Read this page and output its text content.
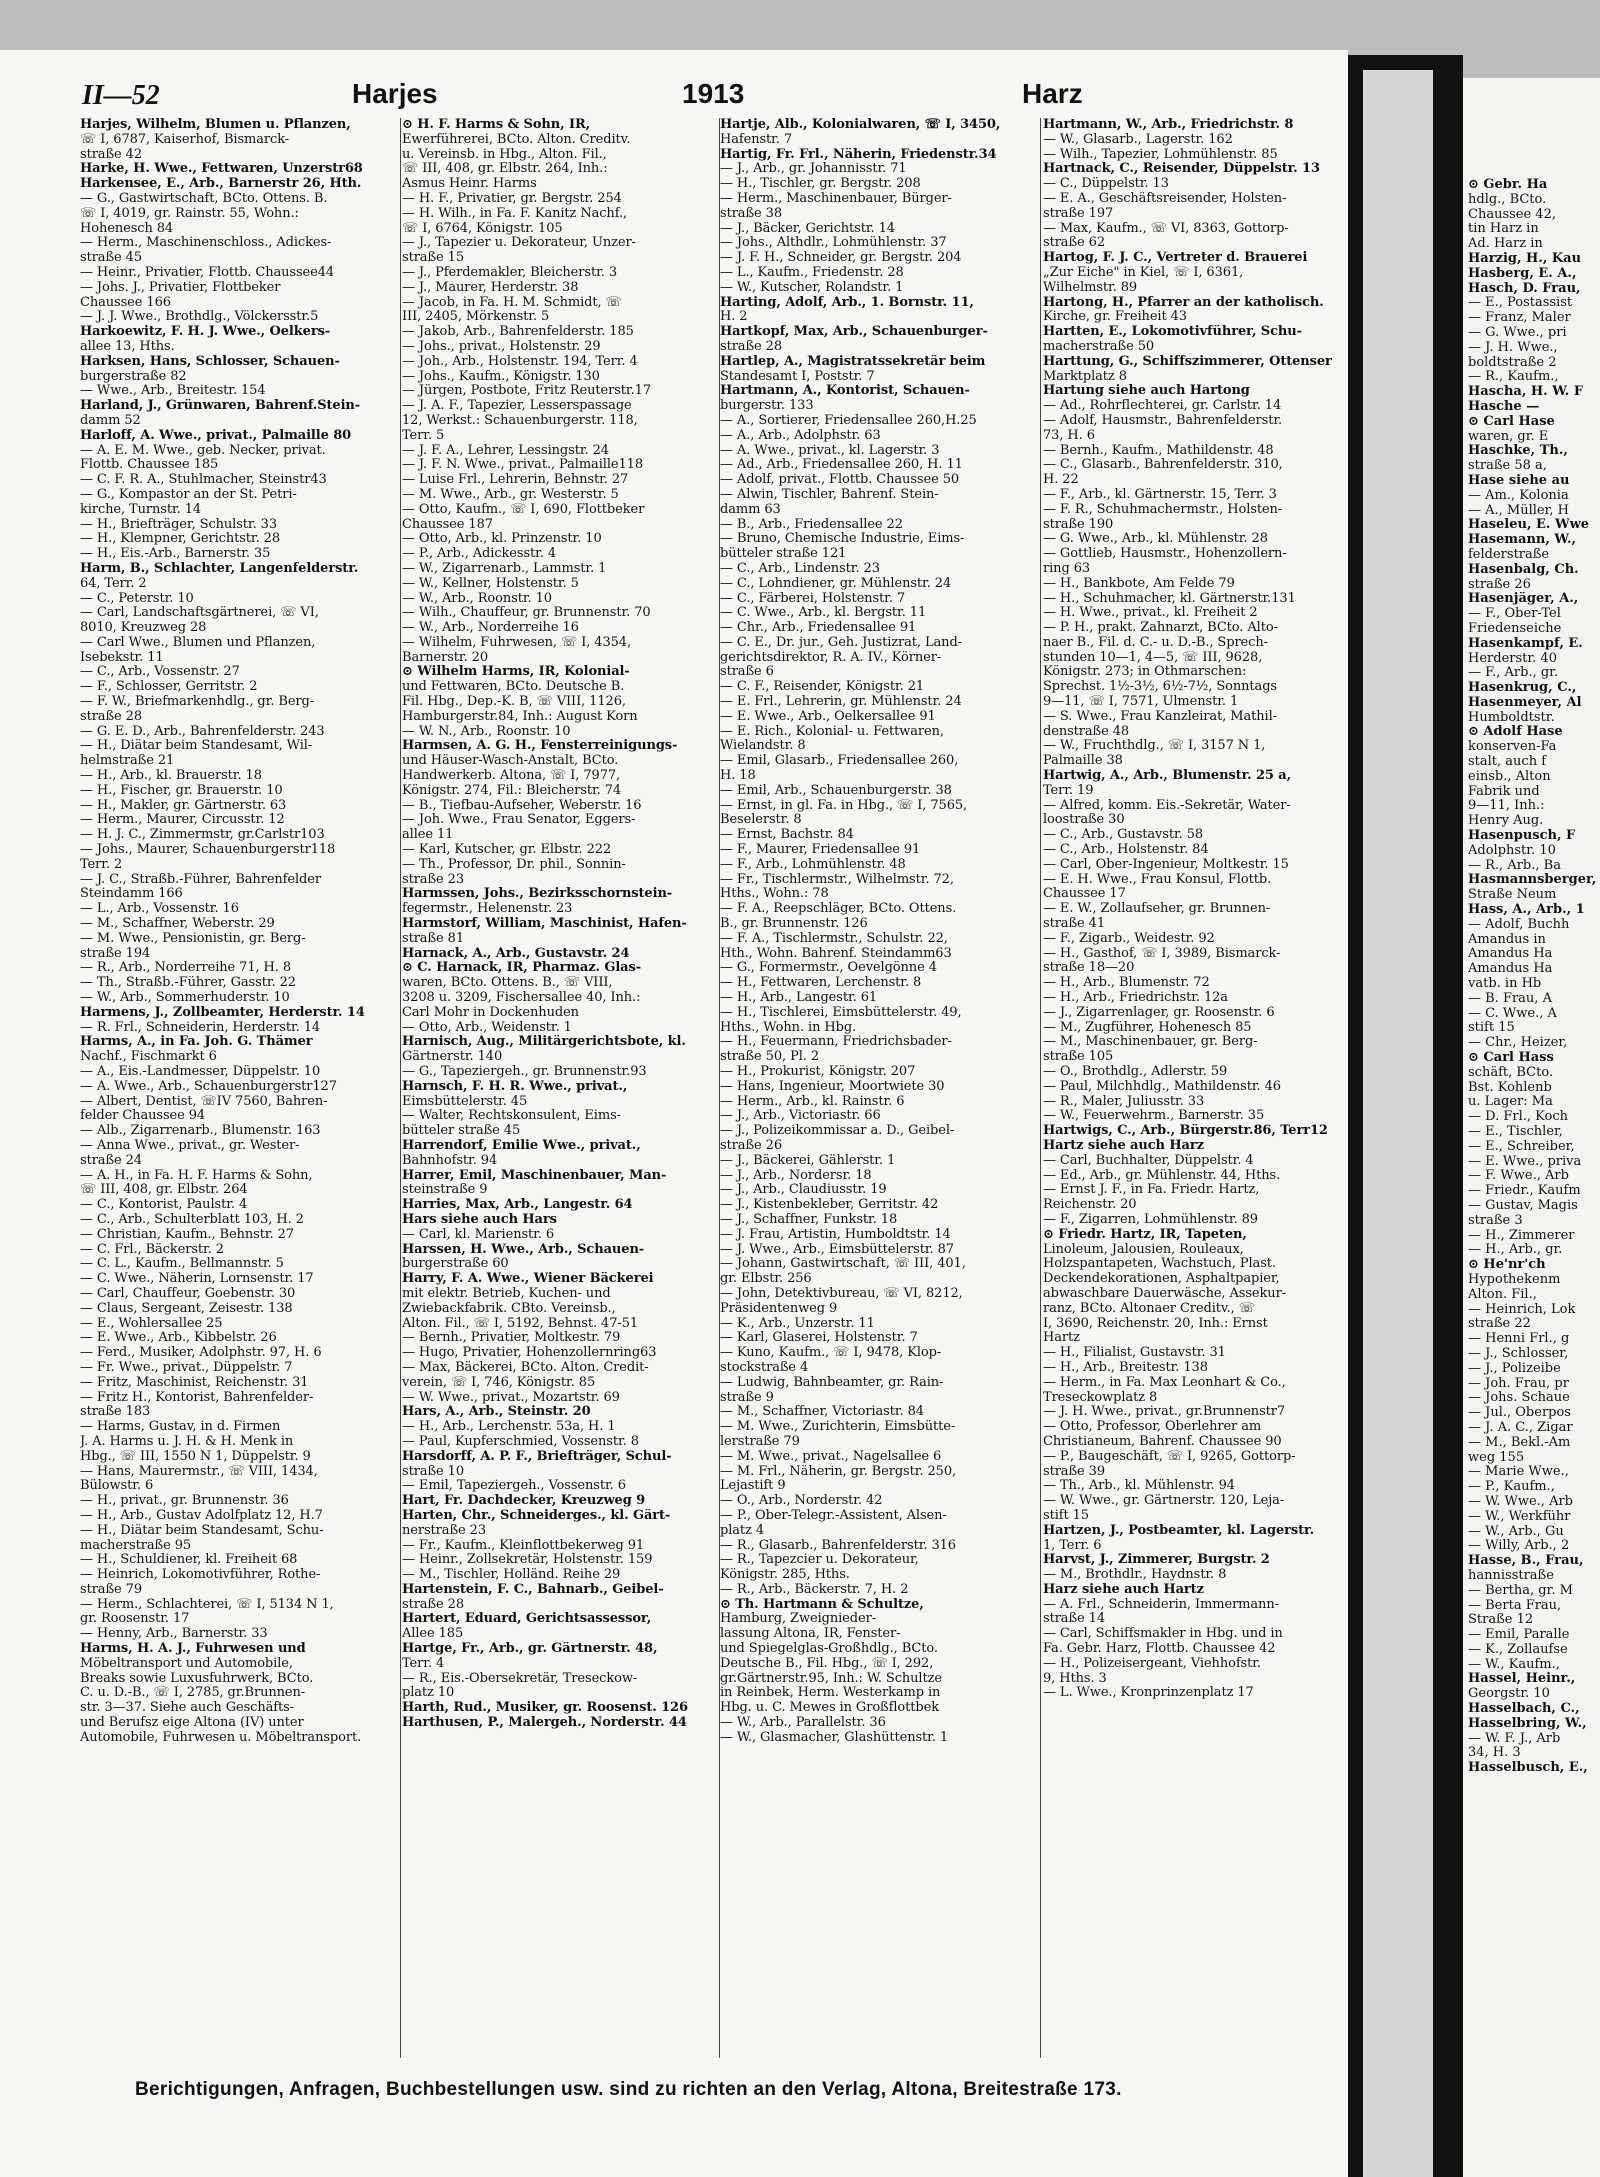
II—52	Harjes	1913	Harz

Harjes, Wilhelm, Blumen u. Pflanzen,

☏ I, 6787, Kaiserhof, Bismarck-

straße 42

Harke, H. Wwe., Fettwaren, Unzerstr68

Harkensee, E., Arb., Barnerstr 26, Hth.

— G., Gastwirtschaft, BCto. Ottens. B.

☏ I, 4019, gr. Rainstr. 55, Wohn.:

Hohenesch 84

— Herm., Maschinenschloss., Adickes-

straße 45

— Heinr., Privatier, Flottb. Chaussee44

— Johs. J., Privatier, Flottbeker

Chaussee 166

— J. J. Wwe., Brothdlg., Völckersstr.5

Harkoewitz, F. H. J. Wwe., Oelkers-

allee 13, Hths.

Harksen, Hans, Schlosser, Schauen-

burgerstraße 82

— Wwe., Arb., Breitestr. 154

Harland, J., Grünwaren, Bahrenf.Stein-

damm 52

Harloff, A. Wwe., privat., Palmaille 80

— A. E. M. Wwe., geb. Necker, privat.

Flottb. Chaussee 185

— C. F. R. A., Stuhlmacher, Steinstr43

— G., Kompastor an der St. Petri-

kirche, Turnstr. 14

— H., Briefträger, Schulstr. 33

— H., Klempner, Gerichtstr. 28

— H., Eis.-Arb., Barnerstr. 35

Harm, B., Schlachter, Langenfelderstr.

64, Terr. 2

— C., Peterstr. 10

— Carl, Landschaftsgärtnerei, ☏ VI,

8010, Kreuzweg 28

— Carl Wwe., Blumen und Pflanzen,

Isebekstr. 11

— C., Arb., Vossenstr. 27

— F., Schlosser, Gerritstr. 2

— F. W., Briefmarkenhdlg., gr. Berg-

straße 28

— G. E. D., Arb., Bahrenfelderstr. 243

— H., Diätar beim Standesamt, Wil-

helmstraße 21

— H., Arb., kl. Brauerstr. 18

— H., Fischer, gr. Brauerstr. 10

— H., Makler, gr. Gärtnerstr. 63

— Herm., Maurer, Circusstr. 12

— H. J. C., Zimmermstr, gr.Carlstr103

— Johs., Maurer, Schauenburgerstr118

Terr. 2

— J. C., Straßb.-Führer, Bahrenfelder

Steindamm 166

— L., Arb., Vossenstr. 16

— M., Schaffner, Weberstr. 29

— M. Wwe., Pensionistin, gr. Berg-

straße 194

— R., Arb., Norderreihe 71, H. 8

— Th., Straßb.-Führer, Gasstr. 22

— W., Arb., Sommerhuderstr. 10

Harmens, J., Zollbeamter, Herderstr. 14

— R. Frl., Schneiderin, Herderstr. 14

Harms, A., in Fa. Joh. G. Thämer

Nachf., Fischmarkt 6

— A., Eis.-Landmesser, Düppelstr. 10

— A. Wwe., Arb., Schauenburgerstr127

— Albert, Dentist, ☏IV 7560, Bahren-

felder Chaussee 94

— Alb., Zigarrenarb., Blumenstr. 163

— Anna Wwe., privat., gr. Wester-

straße 24

— A. H., in Fa. H. F. Harms & Sohn,

☏ III, 408, gr. Elbstr. 264

— C., Kontorist, Paulstr. 4

— C., Arb., Schulterblatt 103, H. 2

— Christian, Kaufm., Behnstr. 27

— C. Frl., Bäckerstr. 2

— C. L., Kaufm., Bellmannstr. 5

— C. Wwe., Näherin, Lornsenstr. 17

— Carl, Chauffeur, Goebenstr. 30

— Claus, Sergeant, Zeisestr. 138

— E., Wohlersallee 25

— E. Wwe., Arb., Kibbelstr. 26

— Ferd., Musiker, Adolphstr. 97, H. 6

— Fr. Wwe., privat., Düppelstr. 7

— Fritz, Maschinist, Reichenstr. 31

— Fritz H., Kontorist, Bahrenfelder-

straße 183

— Harms, Gustav, in d. Firmen

J. A. Harms u. J. H. & H. Menk in

Hbg., ☏ III, 1550 N 1, Düppelstr. 9

— Hans, Maurermstr., ☏ VIII, 1434,

Bülowstr. 6

— H., privat., gr. Brunnenstr. 36

— H., Arb., Gustav Adolfplatz 12, H.7

— H., Diätar beim Standesamt, Schu-

macherstraße 95

— H., Schuldiener, kl. Freiheit 68

— Heinrich, Lokomotivführer, Rothe-

straße 79

— Herm., Schlachterei, ☏ I, 5134 N 1,

gr. Roosenstr. 17

— Henny, Arb., Barnerstr. 33

Harms, H. A. J., Fuhrwesen und

Möbeltransport und Automobile,

Breaks sowie Luxusfuhrwerk, BCto.

C. u. D.-B., ☏ I, 2785, gr.Brunnen-

str. 3—37. Siehe auch Geschäfts-

und Berufsz eige Altona (IV) unter

Automobile, Fuhrwesen u. Möbeltransport.

⊙ H. F. Harms & Sohn, IR,

Ewerführerei, BCto. Alton. Creditv.

u. Vereinsb. in Hbg., Alton. Fil.,

☏ III, 408, gr. Elbstr. 264, Inh.:

Asmus Heinr. Harms

— H. F., Privatier, gr. Bergstr. 254

— H. Wilh., in Fa. F. Kanitz Nachf.,

☏ I, 6764, Königstr. 105

— J., Tapezier u. Dekorateur, Unzer-

straße 15

— J., Pferdemakler, Bleicherstr. 3

— J., Maurer, Herderstr. 38

— Jacob, in Fa. H. M. Schmidt, ☏

III, 2405, Mörkenstr. 5

— Jakob, Arb., Bahrenfelderstr. 185

— Johs., privat., Holstenstr. 29

— Joh., Arb., Holstenstr. 194, Terr. 4

— Johs., Kaufm., Königstr. 130

— Jürgen, Postbote, Fritz Reuterstr.17

— J. A. F., Tapezier, Lesserspassage

12, Werkst.: Schauenburgerstr. 118,

Terr. 5

— J. F. A., Lehrer, Lessingstr. 24

— J. F. N. Wwe., privat., Palmaille118

— Luise Frl., Lehrerin, Behnstr. 27

— M. Wwe., Arb., gr. Westerstr. 5

— Otto, Kaufm., ☏ I, 690, Flottbeker

Chaussee 187

— Otto, Arb., kl. Prinzenstr. 10

— P., Arb., Adickesstr. 4

— W., Zigarrenarb., Lammstr. 1

— W., Kellner, Holstenstr. 5

— W., Arb., Roonstr. 10

— Wilh., Chauffeur, gr. Brunnenstr. 70

— W., Arb., Norderreihe 16

— Wilhelm, Fuhrwesen, ☏ I, 4354,

Barnerstr. 20

⊙ Wilhelm Harms, IR, Kolonial-

und Fettwaren, BCto. Deutsche B.

Fil. Hbg., Dep.-K. B, ☏ VIII, 1126,

Hamburgerstr.84, Inh.: August Korn

— W. N., Arb., Roonstr. 10

Harmsen, A. G. H., Fensterreinigungs-

und Häuser-Wasch-Anstalt, BCto.

Handwerkerb. Altona, ☏ I, 7977,

Königstr. 274, Fil.: Bleicherstr. 74

— B., Tiefbau-Aufseher, Weberstr. 16

— Joh. Wwe., Frau Senator, Eggers-

allee 11

— Karl, Kutscher, gr. Elbstr. 222

— Th., Professor, Dr. phil., Sonnin-

straße 23

Harmssen, Johs., Bezirksschornstein-

fegermstr., Helenenstr. 23

Harmstorf, William, Maschinist, Hafen-

straße 81

Harnack, A., Arb., Gustavstr. 24

⊙ C. Harnack, IR, Pharmaz. Glas-

waren, BCto. Ottens. B., ☏ VIII,

3208 u. 3209, Fischersallee 40, Inh.:

Carl Mohr in Dockenhuden

— Otto, Arb., Weidenstr. 1

Harnisch, Aug., Militärgerichtsbote, kl.

Gärtnerstr. 140

— G., Tapeziergeh., gr. Brunnenstr.93

Harnsch, F. H. R. Wwe., privat.,

Eimsbüttelerstr. 45

— Walter, Rechtskonsulent, Eims-

bütteler straße 45

Harrendorf, Emilie Wwe., privat.,

Bahnhofstr. 94

Harrer, Emil, Maschinenbauer, Man-

steinstraße 9

Harries, Max, Arb., Langestr. 64

Hars siehe auch Hars

— Carl, kl. Marienstr. 6

Harssen, H. Wwe., Arb., Schauen-

burgerstraße 60

Harry, F. A. Wwe., Wiener Bäckerei

mit elektr. Betrieb, Kuchen- und

Zwiebackfabrik. CBto. Vereinsb.,

Alton. Fil., ☏ I, 5192, Behnst. 47-51

— Bernh., Privatier, Moltkestr. 79

— Hugo, Privatier, Hohenzollernring63

— Max, Bäckerei, BCto. Alton. Credit-

verein, ☏ I, 746, Königstr. 85

— W. Wwe., privat., Mozartstr. 69

Hars, A., Arb., Steinstr. 20

— H., Arb., Lerchenstr. 53a, H. 1

— Paul, Kupferschmied, Vossenstr. 8

Harsdorff, A. P. F., Briefträger, Schul-

straße 10

— Emil, Tapeziergeh., Vossenstr. 6

Hart, Fr. Dachdecker, Kreuzweg 9

Harten, Chr., Schneiderges., kl. Gärt-

nerstraße 23

— Fr., Kaufm., Kleinflottbekerweg 91

— Heinr., Zollsekretär, Holstenstr. 159

— M., Tischler, Holländ. Reihe 29

Hartenstein, F. C., Bahnarb., Geibel-

straße 28

Hartert, Eduard, Gerichtsassessor,

Allee 185

Hartge, Fr., Arb., gr. Gärtnerstr. 48,

Terr. 4

— R., Eis.-Obersekretär, Treseckow-

platz 10

Harth, Rud., Musiker, gr. Roosenst. 126

Harthusen, P., Malergeh., Norderstr. 44

Hartje, Alb., Kolonialwaren, ☏ I, 3450,

Hafenstr. 7

Hartig, Fr. Frl., Näherin, Friedenstr.34

— J., Arb., gr. Johannisstr. 71

— H., Tischler, gr. Bergstr. 208

— Herm., Maschinenbauer, Bürger-

straße 38

— J., Bäcker, Gerichtstr. 14

— Johs., Althdlr., Lohmühlenstr. 37

— J. F. H., Schneider, gr. Bergstr. 204

— L., Kaufm., Friedenstr. 28

— W., Kutscher, Rolandstr. 1

Harting, Adolf, Arb., 1. Bornstr. 11,

H. 2

Hartkopf, Max, Arb., Schauenburger-

straße 28

Hartlep, A., Magistratssekretär beim

Standesamt I, Poststr. 7

Hartmann, A., Kontorist, Schauen-

burgerstr. 133

— A., Sortierer, Friedensallee 260,H.25

— A., Arb., Adolphstr. 63

— A. Wwe., privat., kl. Lagerstr. 3

— Ad., Arb., Friedensallee 260, H. 11

— Adolf, privat., Flottb. Chaussee 50

— Alwin, Tischler, Bahrenf. Stein-

damm 63

— B., Arb., Friedensallee 22

— Bruno, Chemische Industrie, Eims-

bütteler straße 121

— C., Arb., Lindenstr. 23

— C., Lohndiener, gr. Mühlenstr. 24

— C., Färberei, Holstenstr. 7

— C. Wwe., Arb., kl. Bergstr. 11

— Chr., Arb., Friedensallee 91

— C. E., Dr. jur., Geh. Justizrat, Land-

gerichtsdirektor, R. A. IV., Körner-

straße 6

— C. F., Reisender, Königstr. 21

— E. Frl., Lehrerin, gr. Mühlenstr. 24

— E. Wwe., Arb., Oelkersallee 91

— E. Rich., Kolonial- u. Fettwaren,

Wielandstr. 8

— Emil, Glasarb., Friedensallee 260,

H. 18

— Emil, Arb., Schauenburgerstr. 38

— Ernst, in gl. Fa. in Hbg., ☏ I, 7565,

Beselerstr. 8

— Ernst, Bachstr. 84

— F., Maurer, Friedensallee 91

— F., Arb., Lohmühlenstr. 48

— Fr., Tischlermstr., Wilhelmstr. 72,

Hths., Wohn.: 78

— F. A., Reepschläger, BCto. Ottens.

B., gr. Brunnenstr. 126

— F. A., Tischlermstr., Schulstr. 22,

Hth., Wohn. Bahrenf. Steindamm63

— G., Formermstr., Oevelgönne 4

— H., Fettwaren, Lerchenstr. 8

— H., Arb., Langestr. 61

— H., Tischlerei, Eimsbüttelerstr. 49,

Hths., Wohn. in Hbg.

— H., Feuermann, Friedrichsbader-

straße 50, Pl. 2

— H., Prokurist, Königstr. 207

— Hans, Ingenieur, Moortwiete 30

— Herm., Arb., kl. Rainstr. 6

— J., Arb., Victoriastr. 66

— J., Polizeikommissar a. D., Geibel-

straße 26

— J., Bäckerei, Gählerstr. 1

— J., Arb., Nordersr. 18

— J., Arb., Claudiusstr. 19

— J., Kistenbekleber, Gerritstr. 42

— J., Schaffner, Funkstr. 18

— J. Frau, Artistin, Humboldtstr. 14

— J. Wwe., Arb., Eimsbüttelerstr. 87

— Johann, Gastwirtschaft, ☏ III, 401,

gr. Elbstr. 256

— John, Detektivbureau, ☏ VI, 8212,

Präsidentenweg 9

— K., Arb., Unzerstr. 11

— Karl, Glaserei, Holstenstr. 7

— Kuno, Kaufm., ☏ I, 9478, Klop-

stockstraße 4

— Ludwig, Bahnbeamter, gr. Rain-

straße 9

— M., Schaffner, Victoriastr. 84

— M. Wwe., Zurichterin, Eimsbütte-

lerstraße 79

— M. Wwe., privat., Nagelsallee 6

— M. Frl., Näherin, gr. Bergstr. 250,

Lejastift 9

— O., Arb., Norderstr. 42

— P., Ober-Telegr.-Assistent, Alsen-

platz 4

— R., Glasarb., Bahrenfelderstr. 316

— R., Tapezcier u. Dekorateur,

Königstr. 285, Hths.

— R., Arb., Bäckerstr. 7, H. 2

⊙ Th. Hartmann & Schultze,

Hamburg, Zweignieder-

lassung Altona, IR, Fenster-

und Spiegelglas-Großhdlg., BCto.

Deutsche B., Fil. Hbg., ☏ I, 292,

gr.Gärtnerstr.95, Inh.: W. Schultze

in Reinbek, Herm. Westerkamp in

Hbg. u. C. Mewes in Großflottbek

— W., Arb., Parallelstr. 36

— W., Glasmacher, Glashüttenstr. 1

Hartmann, W., Arb., Friedrichstr. 8

— W., Glasarb., Lagerstr. 162

— Wilh., Tapezier, Lohmühlenstr. 85

Hartnack, C., Reisender, Düppelstr. 13

— C., Düppelstr. 13

— E. A., Geschäftsreisender, Holsten-

straße 197

— Max, Kaufm., ☏ VI, 8363, Gottorp-

straße 62

Hartog, F. J. C., Vertreter d. Brauerei

„Zur Eiche" in Kiel, ☏ I, 6361,

Wilhelmstr. 89

Hartong, H., Pfarrer an der katholisch.

Kirche, gr. Freiheit 43

Hartten, E., Lokomotivführer, Schu-

macherstraße 50

Harttung, G., Schiffszimmerer, Ottenser

Marktplatz 8

Hartung siehe auch Hartong

— Ad., Rohrflechterei, gr. Carlstr. 14

— Adolf, Hausmstr., Bahrenfelderstr.

73, H. 6

— Bernh., Kaufm., Mathildenstr. 48

— C., Glasarb., Bahrenfelderstr. 310,

H. 22

— F., Arb., kl. Gärtnerstr. 15, Terr. 3

— F. R., Schuhmachermstr., Holsten-

straße 190

— G. Wwe., Arb., kl. Mühlenstr. 28

— Gottlieb, Hausmstr., Hohenzollern-

ring 63

— H., Bankbote, Am Felde 79

— H., Schuhmacher, kl. Gärtnerstr.131

— H. Wwe., privat., kl. Freiheit 2

— P. H., prakt. Zahnarzt, BCto. Alto-

naer B., Fil. d. C.- u. D.-B., Sprech-

stunden 10—1, 4—5, ☏ III, 9628,

Königstr. 273; in Othmarschen:

Sprechst. 1½-3½, 6½-7½, Sonntags

9—11, ☏ I, 7571, Ulmenstr. 1

— S. Wwe., Frau Kanzleirat, Mathil-

denstraße 48

— W., Fruchthdlg., ☏ I, 3157 N 1,

Palmaille 38

Hartwig, A., Arb., Blumenstr. 25 a,

Terr. 19

— Alfred, komm. Eis.-Sekretär, Water-

loostraße 30

— C., Arb., Gustavstr. 58

— C., Arb., Holstenstr. 84

— Carl, Ober-Ingenieur, Moltkestr. 15

— E. H. Wwe., Frau Konsul, Flottb.

Chaussee 17

— E. W., Zollaufseher, gr. Brunnen-

straße 41

— F., Zigarb., Weidestr. 92

— H., Gasthof, ☏ I, 3989, Bismarck-

straße 18—20

— H., Arb., Blumenstr. 72

— H., Arb., Friedrichstr. 12a

— J., Zigarrenlager, gr. Roosenstr. 6

— M., Zugführer, Hohenesch 85

— M., Maschinenbauer, gr. Berg-

straße 105

— O., Brothdlg., Adlerstr. 59

— Paul, Milchhdlg., Mathildenstr. 46

— R., Maler, Juliusstr. 33

— W., Feuerwehrm., Barnerstr. 35

Hartwigs, C., Arb., Bürgerstr.86, Terr12

Hartz siehe auch Harz

— Carl, Buchhalter, Düppelstr. 4

— Ed., Arb., gr. Mühlenstr. 44, Hths.

— Ernst J. F., in Fa. Friedr. Hartz,

Reichenstr. 20

— F., Zigarren, Lohmühlenstr. 89

⊙ Friedr. Hartz, IR, Tapeten,

Linoleum, Jalousien, Rouleaux,

Holzspantapeten, Wachstuch, Plast.

Deckendekorationen, Asphaltpapier,

abwaschbare Dauerwäsche, Assekur-

ranz, BCto. Altonaer Creditv., ☏

I, 3690, Reichenstr. 20, Inh.: Ernst

Hartz

— H., Filialist, Gustavstr. 31

— H., Arb., Breitestr. 138

— Herm., in Fa. Max Leonhart & Co.,

Treseckowplatz 8

— J. H. Wwe., privat., gr.Brunnenstr7

— Otto, Professor, Oberlehrer am

Christianeum, Bahrenf. Chaussee 90

— P., Baugeschäft, ☏ I, 9265, Gottorp-

straße 39

— Th., Arb., kl. Mühlenstr. 94

— W. Wwe., gr. Gärtnerstr. 120, Leja-

stift 15

Hartzen, J., Postbeamter, kl. Lagerstr.

1, Terr. 6

Harvst, J., Zimmerer, Burgstr. 2

— M., Brothdlr., Haydnstr. 8

Harz siehe auch Hartz

— A. Frl., Schneiderin, Immermann-

straße 14

— Carl, Schiffsmakler in Hbg. und in

Fa. Gebr. Harz, Flottb. Chaussee 42

— H., Polizeisergeant, Viehhofstr.

9, Hths. 3

— L. Wwe., Kronprinzenplatz 17

Berichtigungen, Anfragen, Buchbestellungen usw. sind zu richten an den Verlag, Altona, Breitestraße 173.

⊙ Gebr. Ha

hdlg., BCto.

Chaussee 42,

tin Harz in

Ad. Harz in

Harzig, H., Kau

Hasberg, E. A.,

Hasch, D. Frau,

— E., Postassist

— Franz, Maler

— G. Wwe., pri

— J. H. Wwe.,

boldtstraße 2

— R., Kaufm.,

Hascha, H. W. F

Hasche —

⊙ Carl Hase

waren, gr. E

Haschke, Th.,

straße 58 a,

Hase siehe au

— Am., Kolonia

— A., Müller, H

Haseleu, E. Wwe

Hasemann, W.,

felderstraße

Hasenbalg, Ch.

straße 26

Hasenjäger, A.,

— F., Ober-Tel

Friedenseiche

Hasenkampf, E.

Herderstr. 40

— F., Arb., gr.

Hasenkrug, C.,

Hasenmeyer, Al

Humboldtstr.

⊙ Adolf Hase

konserven-Fa

stalt, auch f

einsb., Alton

Fabrik und

9—11, Inh.:

Henry Aug.

Hasenpusch, F

Adolphstr. 10

— R., Arb., Ba

Hasmannsberger,

Straße Neum

Hass, A., Arb., 1

— Adolf, Buchh

Amandus in

Amandus Ha

Amandus Ha

vatb. in Hb

— B. Frau, A

— C. Wwe., A

stift 15

— Chr., Heizer,

⊙ Carl Hass

schäft, BCto.

Bst. Kohlenb

u. Lager: Ma

— D. Frl., Koch

— E., Tischler,

— E., Schreiber,

— E. Wwe., priva

— F. Wwe., Arb

— Friedr., Kaufm

— Gustav, Magis

straße 3

— H., Zimmerer

— H., Arb., gr.

⊙ He'nr'ch

Hypothekenm

Alton. Fil.,

— Heinrich, Lok

straße 22

— Henni Frl., g

— J., Schlosser,

— J., Polizeibe

— Joh. Frau, pr

— Johs. Schaue

— Jul., Oberpos

— J. A. C., Zigar

— M., Bekl.-Am

weg 155

— Marie Wwe.,

— P., Kaufm.,

— W. Wwe., Arb

— W., Werkführ

— W., Arb., Gu

— Willy, Arb., 2

Hasse, B., Frau,

hannisstraße

— Bertha, gr. M

— Berta Frau,

Straße 12

— Emil, Paralle

— K., Zollaufse

— W., Kaufm.,

Hassel, Heinr.,

Georgstr. 10

Hasselbach, C.,

Hasselbring, W.,

— W. F. J., Arb

34, H. 3

Hasselbusch, E.,
